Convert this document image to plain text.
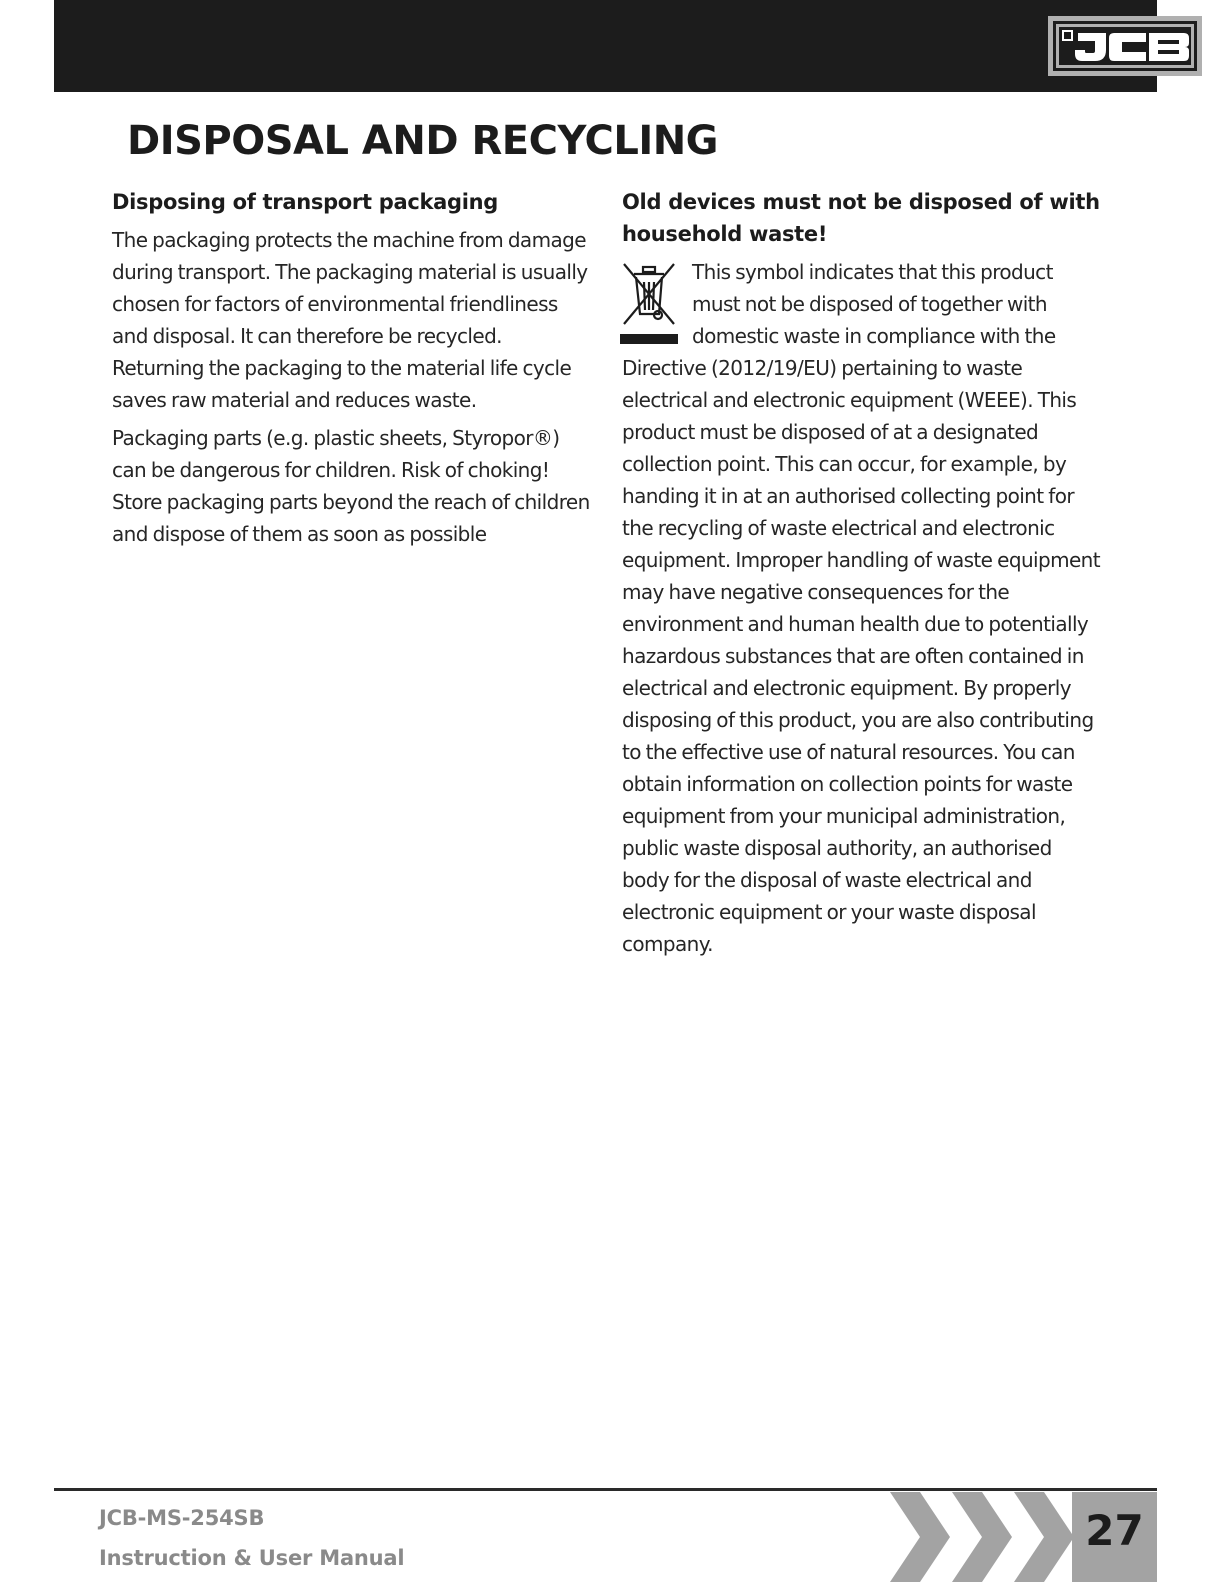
DISPOSAL AND RECYCLING
Disposing of transport packaging

The packaging protects the machine from damage during transport. The packaging material is usually chosen for factors of environmental friendliness and disposal. It can therefore be recycled. Returning the packaging to the material life cycle saves raw material and reduces waste.

Packaging parts (e.g. plastic sheets, Styropor®) can be dangerous for children. Risk of choking! Store packaging parts beyond the reach of children and dispose of them as soon as possible

Old devices must not be disposed of with household waste!

This symbol indicates that this product must not be disposed of together with domestic waste in compliance with the Directive (2012/19/EU) pertaining to waste electrical and electronic equipment (WEEE). This product must be disposed of at a designated collection point. This can occur, for example, by handing it in at an authorised collecting point for the recycling of waste electrical and electronic equipment. Improper handling of waste equipment may have negative consequences for the environment and human health due to potentially hazardous substances that are often contained in electrical and electronic equipment. By properly disposing of this product, you are also contributing to the effective use of natural resources. You can obtain information on collection points for waste equipment from your municipal administration, public waste disposal authority, an authorised body for the disposal of waste electrical and electronic equipment or your waste disposal company.

JCB-MS-254SB

Instruction & User Manual

27
